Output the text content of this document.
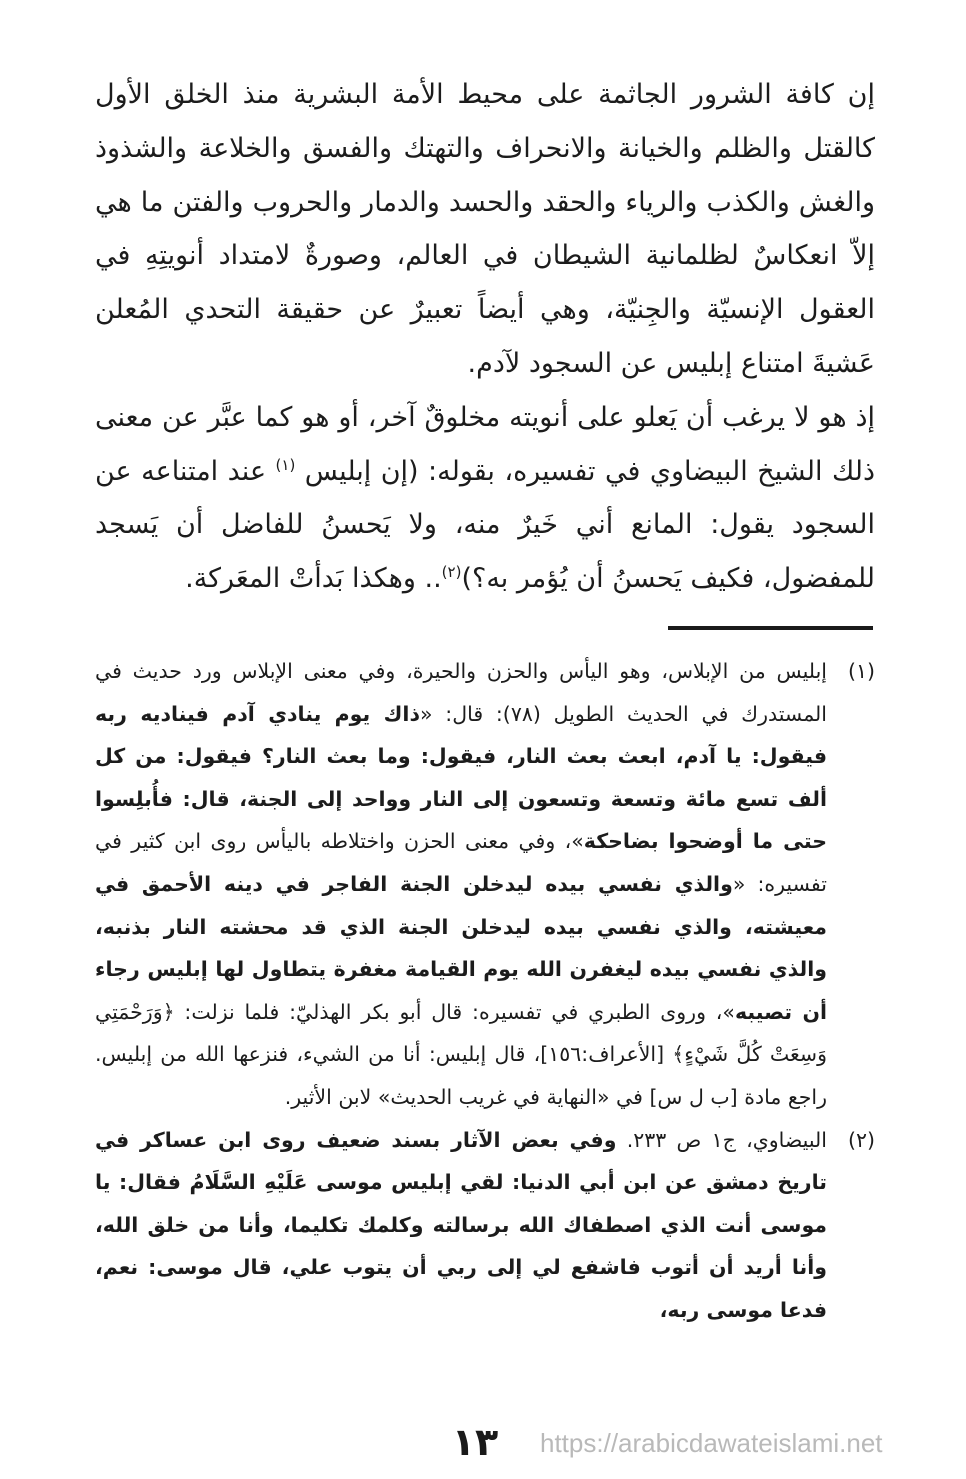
إن كافة الشرور الجاثمة على محيط الأمة البشرية منذ الخلق الأول كالقتل والظلم والخيانة والانحراف والتهتك والفسق والخلاعة والشذوذ والغش والكذب والرياء والحقد والحسد والدمار والحروب والفتن ما هي إلاّ انعكاسٌ لظلمانية الشيطان في العالم، وصورةٌ لامتداد أنويتِهِ في العقول الإنسيّة والجِنيّة، وهي أيضاً تعبيرٌ عن حقيقة التحدي المُعلن عَشيةَ امتناع إبليس عن السجود لآدم.

إذ هو لا يرغب أن يَعلو على أنويته مخلوقٌ آخر، أو هو كما عبَّر عن معنى ذلك الشيخ البيضاوي في تفسيره، بقوله: (إن إبليس $^{(١)}$ عند امتناعه عن السجود يقول: المانع أني خَيرٌ منه، ولا يَحسنُ للفاضل أن يَسجد للمفضول، فكيف يَحسنُ أن يُؤمر به؟)$^{(٢)}$.. وهكذا بَدأتْ المعَركة.

(١)
إبليس من الإبلاس، وهو اليأس والحزن والحيرة، وفي معنى الإبلاس ورد حديث في المستدرك في الحديث الطويل (٧٨): قال: «ذاك يوم ينادي آدم فيناديه ربه فيقول: يا آدم، ابعث بعث النار، فيقول: وما بعث النار؟ فيقول: من كل ألف تسع مائة وتسعة وتسعون إلى النار وواحد إلى الجنة، قال: فأُبلِسوا حتى ما أوضحوا بضاحكة»، وفي معنى الحزن واختلاطه باليأس روى ابن كثير في تفسيره: «والذي نفسي بيده ليدخلن الجنة الفاجر في دينه الأحمق في معيشته، والذي نفسي بيده ليدخلن الجنة الذي قد محشته النار بذنبه، والذي نفسي بيده ليغفرن الله يوم القيامة مغفرة يتطاول لها إبليس رجاء أن تصيبه»، وروى الطبري في تفسيره: قال أبو بكر الهذليّ: فلما نزلت: ﴿وَرَحْمَتِي وَسِعَتْ كُلَّ شَيْءٍ﴾ [الأعراف:١٥٦]، قال إبليس: أنا من الشيء، فنزعها الله من إبليس. راجع مادة [ب ل س] في «النهاية في غريب الحديث» لابن الأثير.
(٢)
البيضاوي، ج١ ص ٢٣٣. وفي بعض الآثار بسند ضعيف روى ابن عساكر في تاريخ دمشق عن ابن أبي الدنيا: لقي إبليس موسى عَلَيْهِ السَّلَامُ فقال: يا موسى أنت الذي اصطفاك الله برسالته وكلمك تكليما، وأنا من خلق الله، وأنا أريد أن أتوب فاشفع لي إلى ربي أن يتوب علي، قال موسى: نعم، فدعا موسى ربه،
١٣	https://arabicdawateislami.net
